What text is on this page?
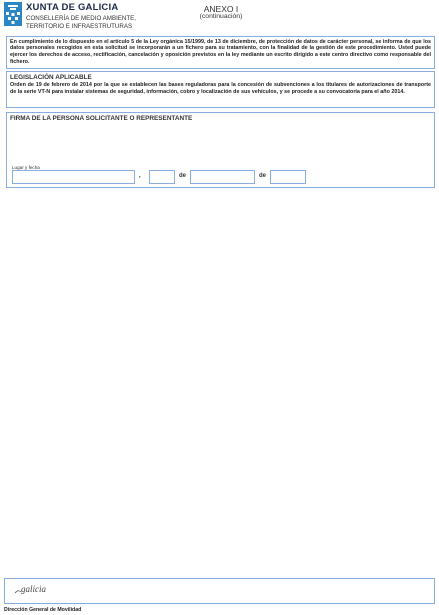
XUNTA DE GALICIA
CONSELLERÍA DE MEDIO AMBIENTE,
TERRITORIO E INFRAESTRUTURAS
ANEXO I
(continuación)
En cumplimiento de lo dispuesto en el artículo 5 de la Ley orgánica 15/1999, de 13 de diciembre, de protección de datos de carácter personal, se informa de que los datos personales recogidos en esta solicitud se incorporarán a un fichero para su tratamiento, con la finalidad de la gestión de este procedimiento. Usted puede ejercer los derechos de acceso, rectificación, cancelación y oposición previstos en la ley mediante un escrito dirigido a este centro directivo como responsable del fichero.
LEGISLACIÓN APLICABLE
Orden de 19 de febrero de 2014 por la que se establecen las bases reguladoras para la concesión de subvenciones a los titulares de autorizaciones de transporte de la serie VT-N para instalar sistemas de seguridad, información, cobro y localización de sus vehículos, y se procede a su convocatoria para el año 2014.
FIRMA DE LA PERSONA SOLICITANTE O REPRESENTANTE
Lugar y fecha
,	de	de
galicia
Dirección General de Movilidad
